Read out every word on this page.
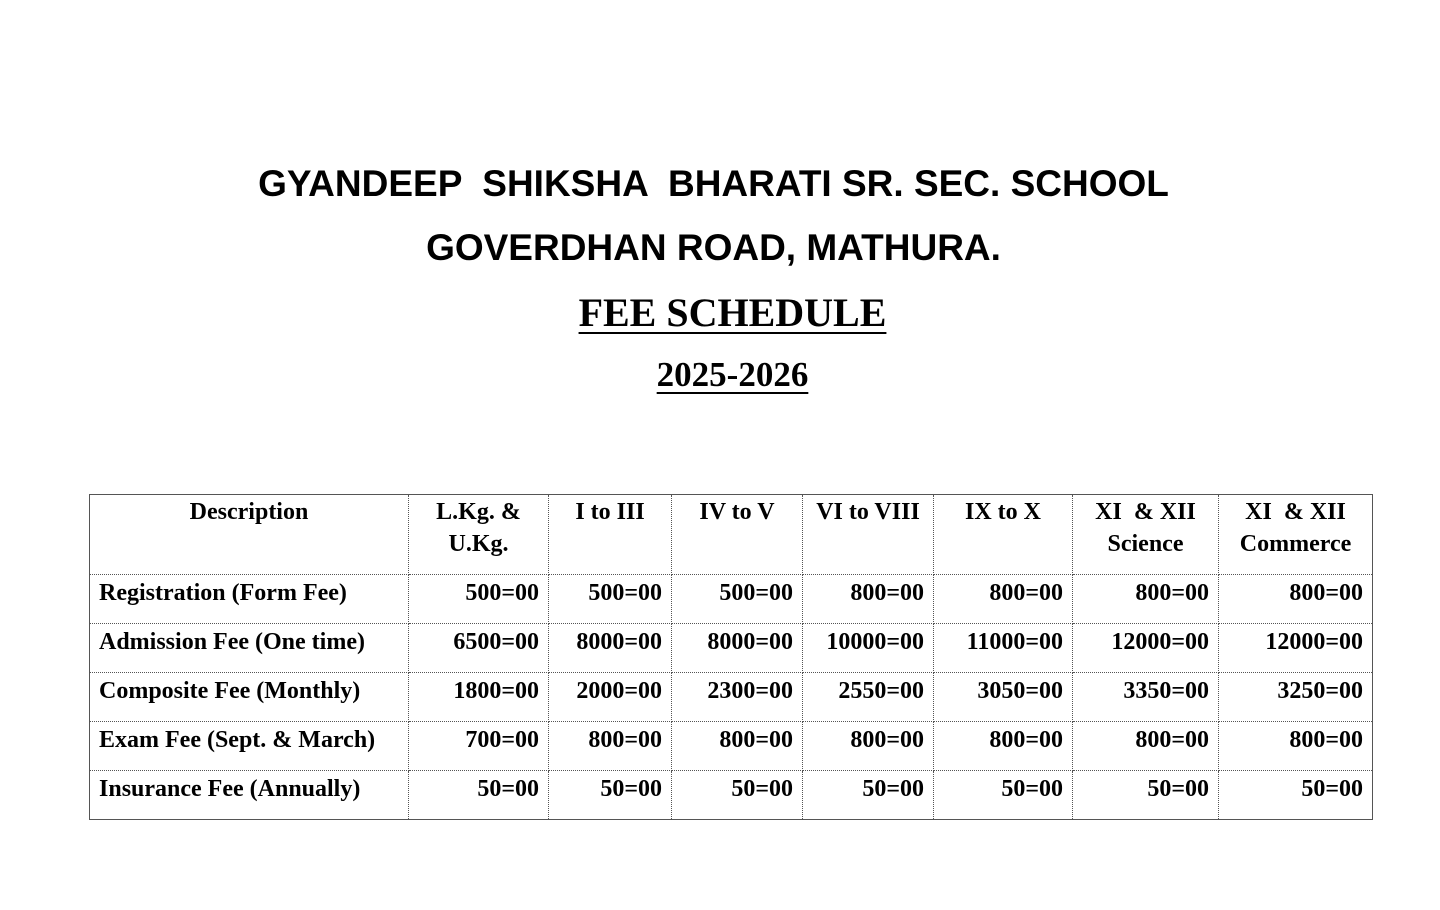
GYANDEEP  SHIKSHA  BHARATI SR. SEC. SCHOOL
GOVERDHAN ROAD, MATHURA.
FEE SCHEDULE
2025-2026
Description	L.Kg. & U.Kg.	I to III	IV to V	VI to VIII	IX to X	XI  & XII Science	XI  & XII Commerce
Registration (Form Fee)	500=00	500=00	500=00	800=00	800=00	800=00	800=00
Admission Fee (One time)	6500=00	8000=00	8000=00	10000=00	11000=00	12000=00	12000=00
Composite Fee (Monthly)	1800=00	2000=00	2300=00	2550=00	3050=00	3350=00	3250=00
Exam Fee (Sept. & March)	700=00	800=00	800=00	800=00	800=00	800=00	800=00
Insurance Fee (Annually)	50=00	50=00	50=00	50=00	50=00	50=00	50=00
